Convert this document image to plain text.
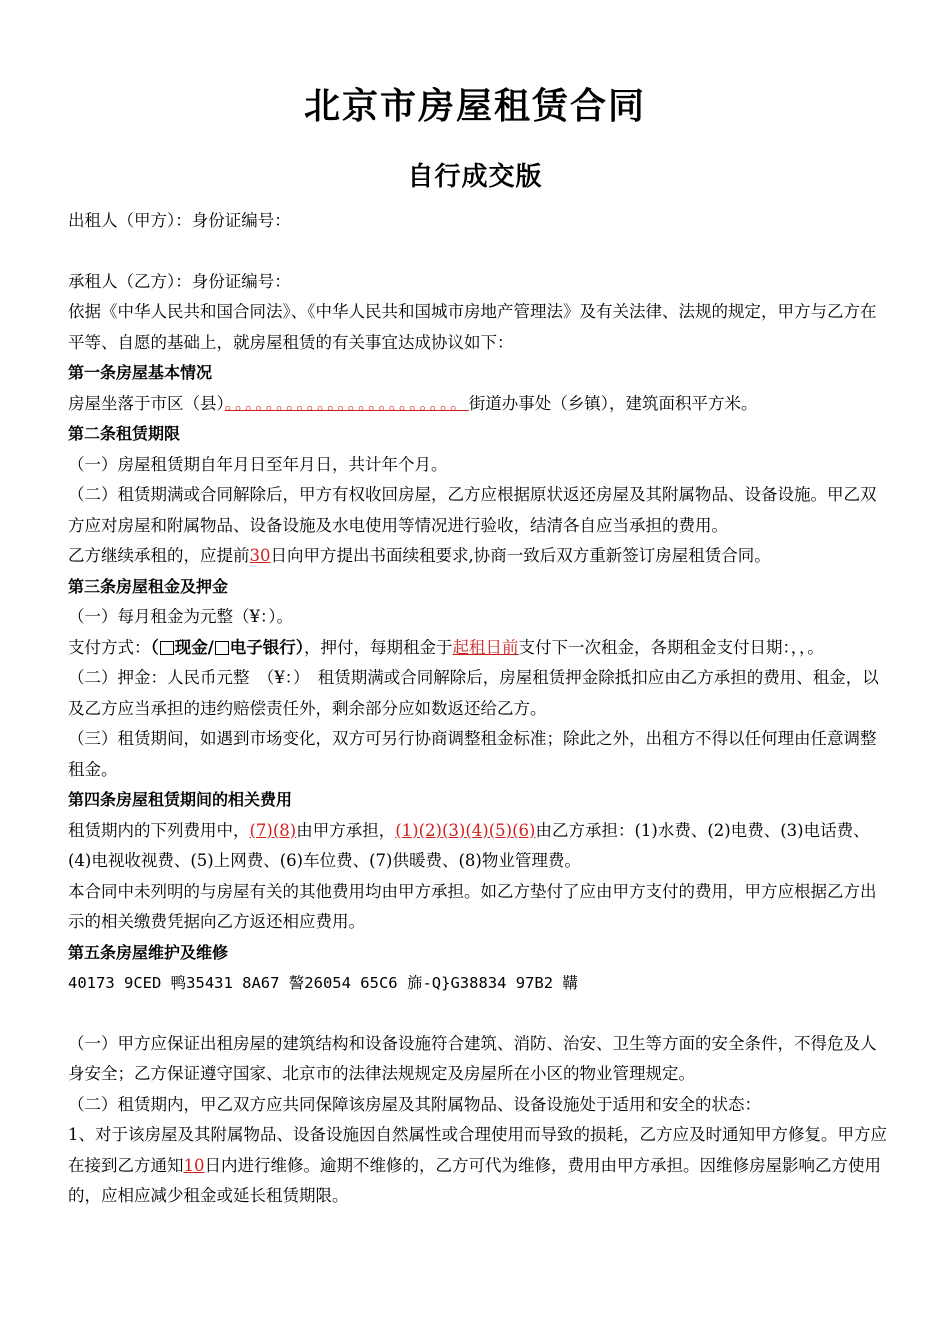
北京市房屋租赁合同
自行成交版

出租人（甲方）：身份证编号：

承租人（乙方）：身份证编号：

依据《中华人民共和国合同法》、《中华人民共和国城市房地产管理法》及有关法律、法规的规定，甲方与乙方在平等、自愿的基础上，就房屋租赁的有关事宜达成协议如下：

第一条房屋基本情况

房屋坐落于市区（县）。。。。。。。。。。。。。。。。。。。。。。。街道办事处（乡镇），建筑面积平方米。

第二条租赁期限

（一）房屋租赁期自年月日至年月日，共计年个月。

（二）租赁期满或合同解除后，甲方有权收回房屋，乙方应根据原状返还房屋及其附属物品、设备设施。甲乙双方应对房屋和附属物品、设备设施及水电使用等情况进行验收，结清各自应当承担的费用。

乙方继续承租的，应提前30日向甲方提出书面续租要求,协商一致后双方重新签订房屋租赁合同。

第三条房屋租金及押金

（一）每月租金为元整（¥：）。

支付方式：（ 现金/ 电子银行），押付，每期租金于起租日前支付下一次租金，各期租金支付日期：，，。

（二）押金：人民币元整　（¥：）　租赁期满或合同解除后，房屋租赁押金除抵扣应由乙方承担的费用、租金，以及乙方应当承担的违约赔偿责任外，剩余部分应如数返还给乙方。

（三）租赁期间，如遇到市场变化，双方可另行协商调整租金标准；除此之外，出租方不得以任何理由任意调整租金。

第四条房屋租赁期间的相关费用

租赁期内的下列费用中，(7)(8)由甲方承担，(1)(2)(3)(4)(5)(6)由乙方承担：(1)水费、(2)电费、(3)电话费、(4)电视收视费、(5)上网费、(6)车位费、(7)供暖费、(8)物业管理费。

本合同中未列明的与房屋有关的其他费用均由甲方承担。如乙方垫付了应由甲方支付的费用，甲方应根据乙方出示的相关缴费凭据向乙方返还相应费用。

第五条房屋维护及维修

40173 9CED 鸭35431 8A67 謷26054 65C6 旆-Q}G38834 97B2 鞲

（一）甲方应保证出租房屋的建筑结构和设备设施符合建筑、消防、治安、卫生等方面的安全条件，不得危及人身安全；乙方保证遵守国家、北京市的法律法规规定及房屋所在小区的物业管理规定。

（二）租赁期内，甲乙双方应共同保障该房屋及其附属物品、设备设施处于适用和安全的状态：

1、对于该房屋及其附属物品、设备设施因自然属性或合理使用而导致的损耗，乙方应及时通知甲方修复。甲方应在接到乙方通知10日内进行维修。逾期不维修的，乙方可代为维修，费用由甲方承担。因维修房屋影响乙方使用的，应相应减少租金或延长租赁期限。
